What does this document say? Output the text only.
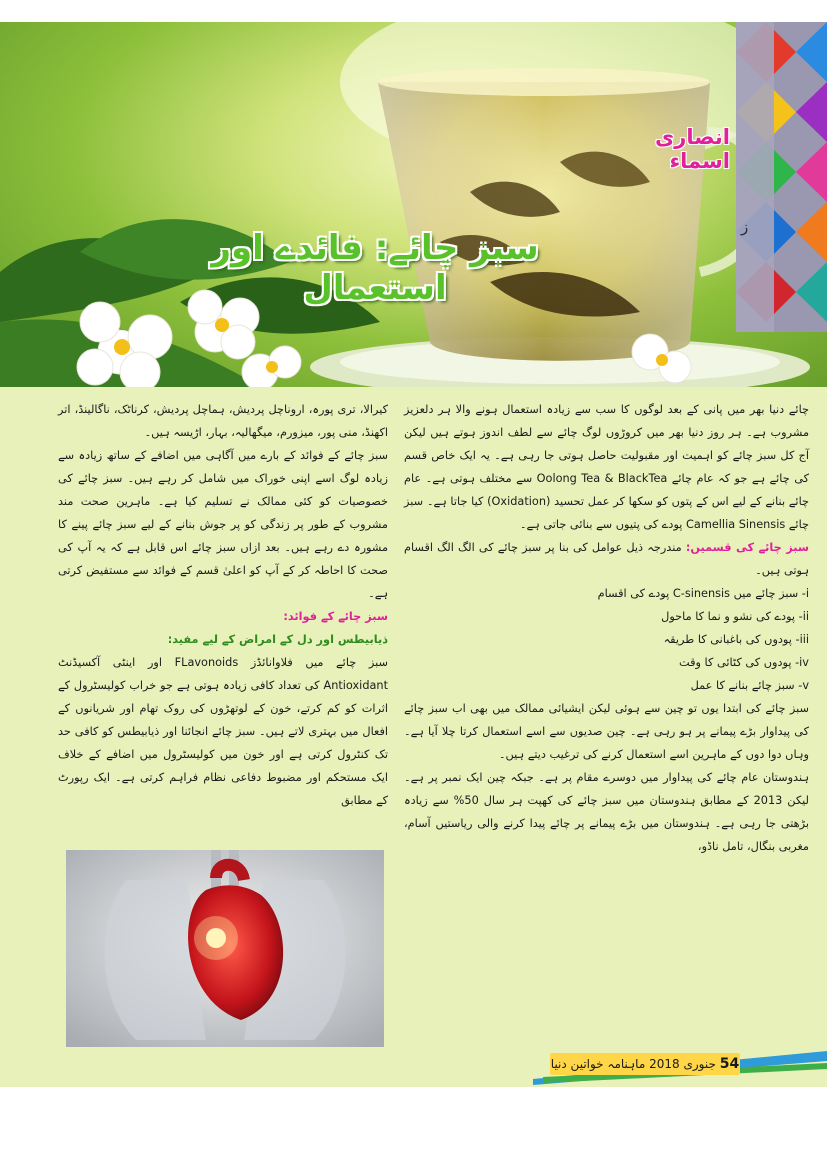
انصاری اسماء
سبز چائے: فائدے اور استعمال
ز

چائے دنیا بھر میں پانی کے بعد لوگوں کا سب سے زیادہ استعمال ہونے والا ہر دلعزیز مشروب ہے۔ ہر روز دنیا بھر میں کروڑوں لوگ چائے سے لطف اندوز ہوتے ہیں لیکن آج کل سبز چائے کو اہمیت اور مقبولیت حاصل ہوتی جا رہی ہے۔ یہ ایک خاص قسم کی چائے ہے جو کہ عام چائے Oolong Tea & BlackTea سے مختلف ہوتی ہے۔ عام چائے بنانے کے لیے اس کے پتوں کو سکھا کر عمل تحسید (Oxidation) کیا جاتا ہے۔ سبز چائے Camellia Sinensis پودے کی پتیوں سے بنائی جاتی ہے۔

سبز چائے کی قسمیں: مندرجہ ذیل عوامل کی بنا پر سبز چائے کی الگ الگ اقسام ہوتی ہیں۔

i- سبز چائے میں C-sinensis پودے کی اقسام

ii- پودے کی نشو و نما کا ماحول

iii- پودوں کی باغبانی کا طریقہ

iv- پودوں کی کٹائی کا وقت

v- سبز چائے بنانے کا عمل

سبز چائے کی ابتدا یوں تو چین سے ہوئی لیکن ایشیائی ممالک میں بھی اب سبز چائے کی پیداوار بڑے پیمانے پر ہو رہی ہے۔ چین صدیوں سے اسے استعمال کرتا چلا آیا ہے۔ وہاں دوا دوں کے ماہرین اسے استعمال کرنے کی ترغیب دیتے ہیں۔

ہندوستان عام چائے کی پیداوار میں دوسرے مقام پر ہے۔ جبکہ چین ایک نمبر پر ہے۔ لیکن 2013 کے مطابق ہندوستان میں سبز چائے کی کھپت ہر سال 50% سے زیادہ بڑھتی جا رہی ہے۔ ہندوستان میں بڑے پیمانے پر چائے پیدا کرنے والی ریاستیں آسام، مغربی بنگال، تامل ناڈو،

کیرالا، تری پورہ، اروناچل پردیش، ہماچل پردیش، کرناٹک، ناگالینڈ، اتر اکھنڈ، منی پور، میزورم، میگھالیہ، بہار، اڑیسہ ہیں۔

سبز چائے کے فوائد کے بارے میں آگاہی میں اضافے کے ساتھ زیادہ سے زیادہ لوگ اسے اپنی خوراک میں شامل کر رہے ہیں۔ سبز چائے کی خصوصیات کو کئی ممالک نے تسلیم کیا ہے۔ ماہرین صحت مند مشروب کے طور پر زندگی کو پر جوش بنانے کے لیے سبز چائے پینے کا مشورہ دے رہے ہیں۔ بعد ازاں سبز چائے اس قابل ہے کہ یہ آپ کی صحت کا احاطہ کر کے آپ کو اعلیٰ قسم کے فوائد سے مستفیض کرتی ہے۔

سبز چائے کے فوائد:

ذیابیطس اور دل کے امراض کے لیے مفید:

سبز چائے میں فلاوانائڈز FLavonoids اور اینٹی آکسیڈنٹ Antioxidant کی تعداد کافی زیادہ ہوتی ہے جو خراب کولیسٹرول کے اثرات کو کم کرتے، خون کے لوتھڑوں کی روک تھام اور شریانوں کے افعال میں بہتری لاتے ہیں۔ سبز چائے انجائنا اور ذیابیطس کو کافی حد تک کنٹرول کرتی ہے اور خون میں کولیسٹرول میں اضافے کے خلاف ایک مستحکم اور مضبوط دفاعی نظام فراہم کرتی ہے۔ ایک رپورٹ کے مطابق

54 جنوری 2018 ماہنامہ خواتین دنیا
